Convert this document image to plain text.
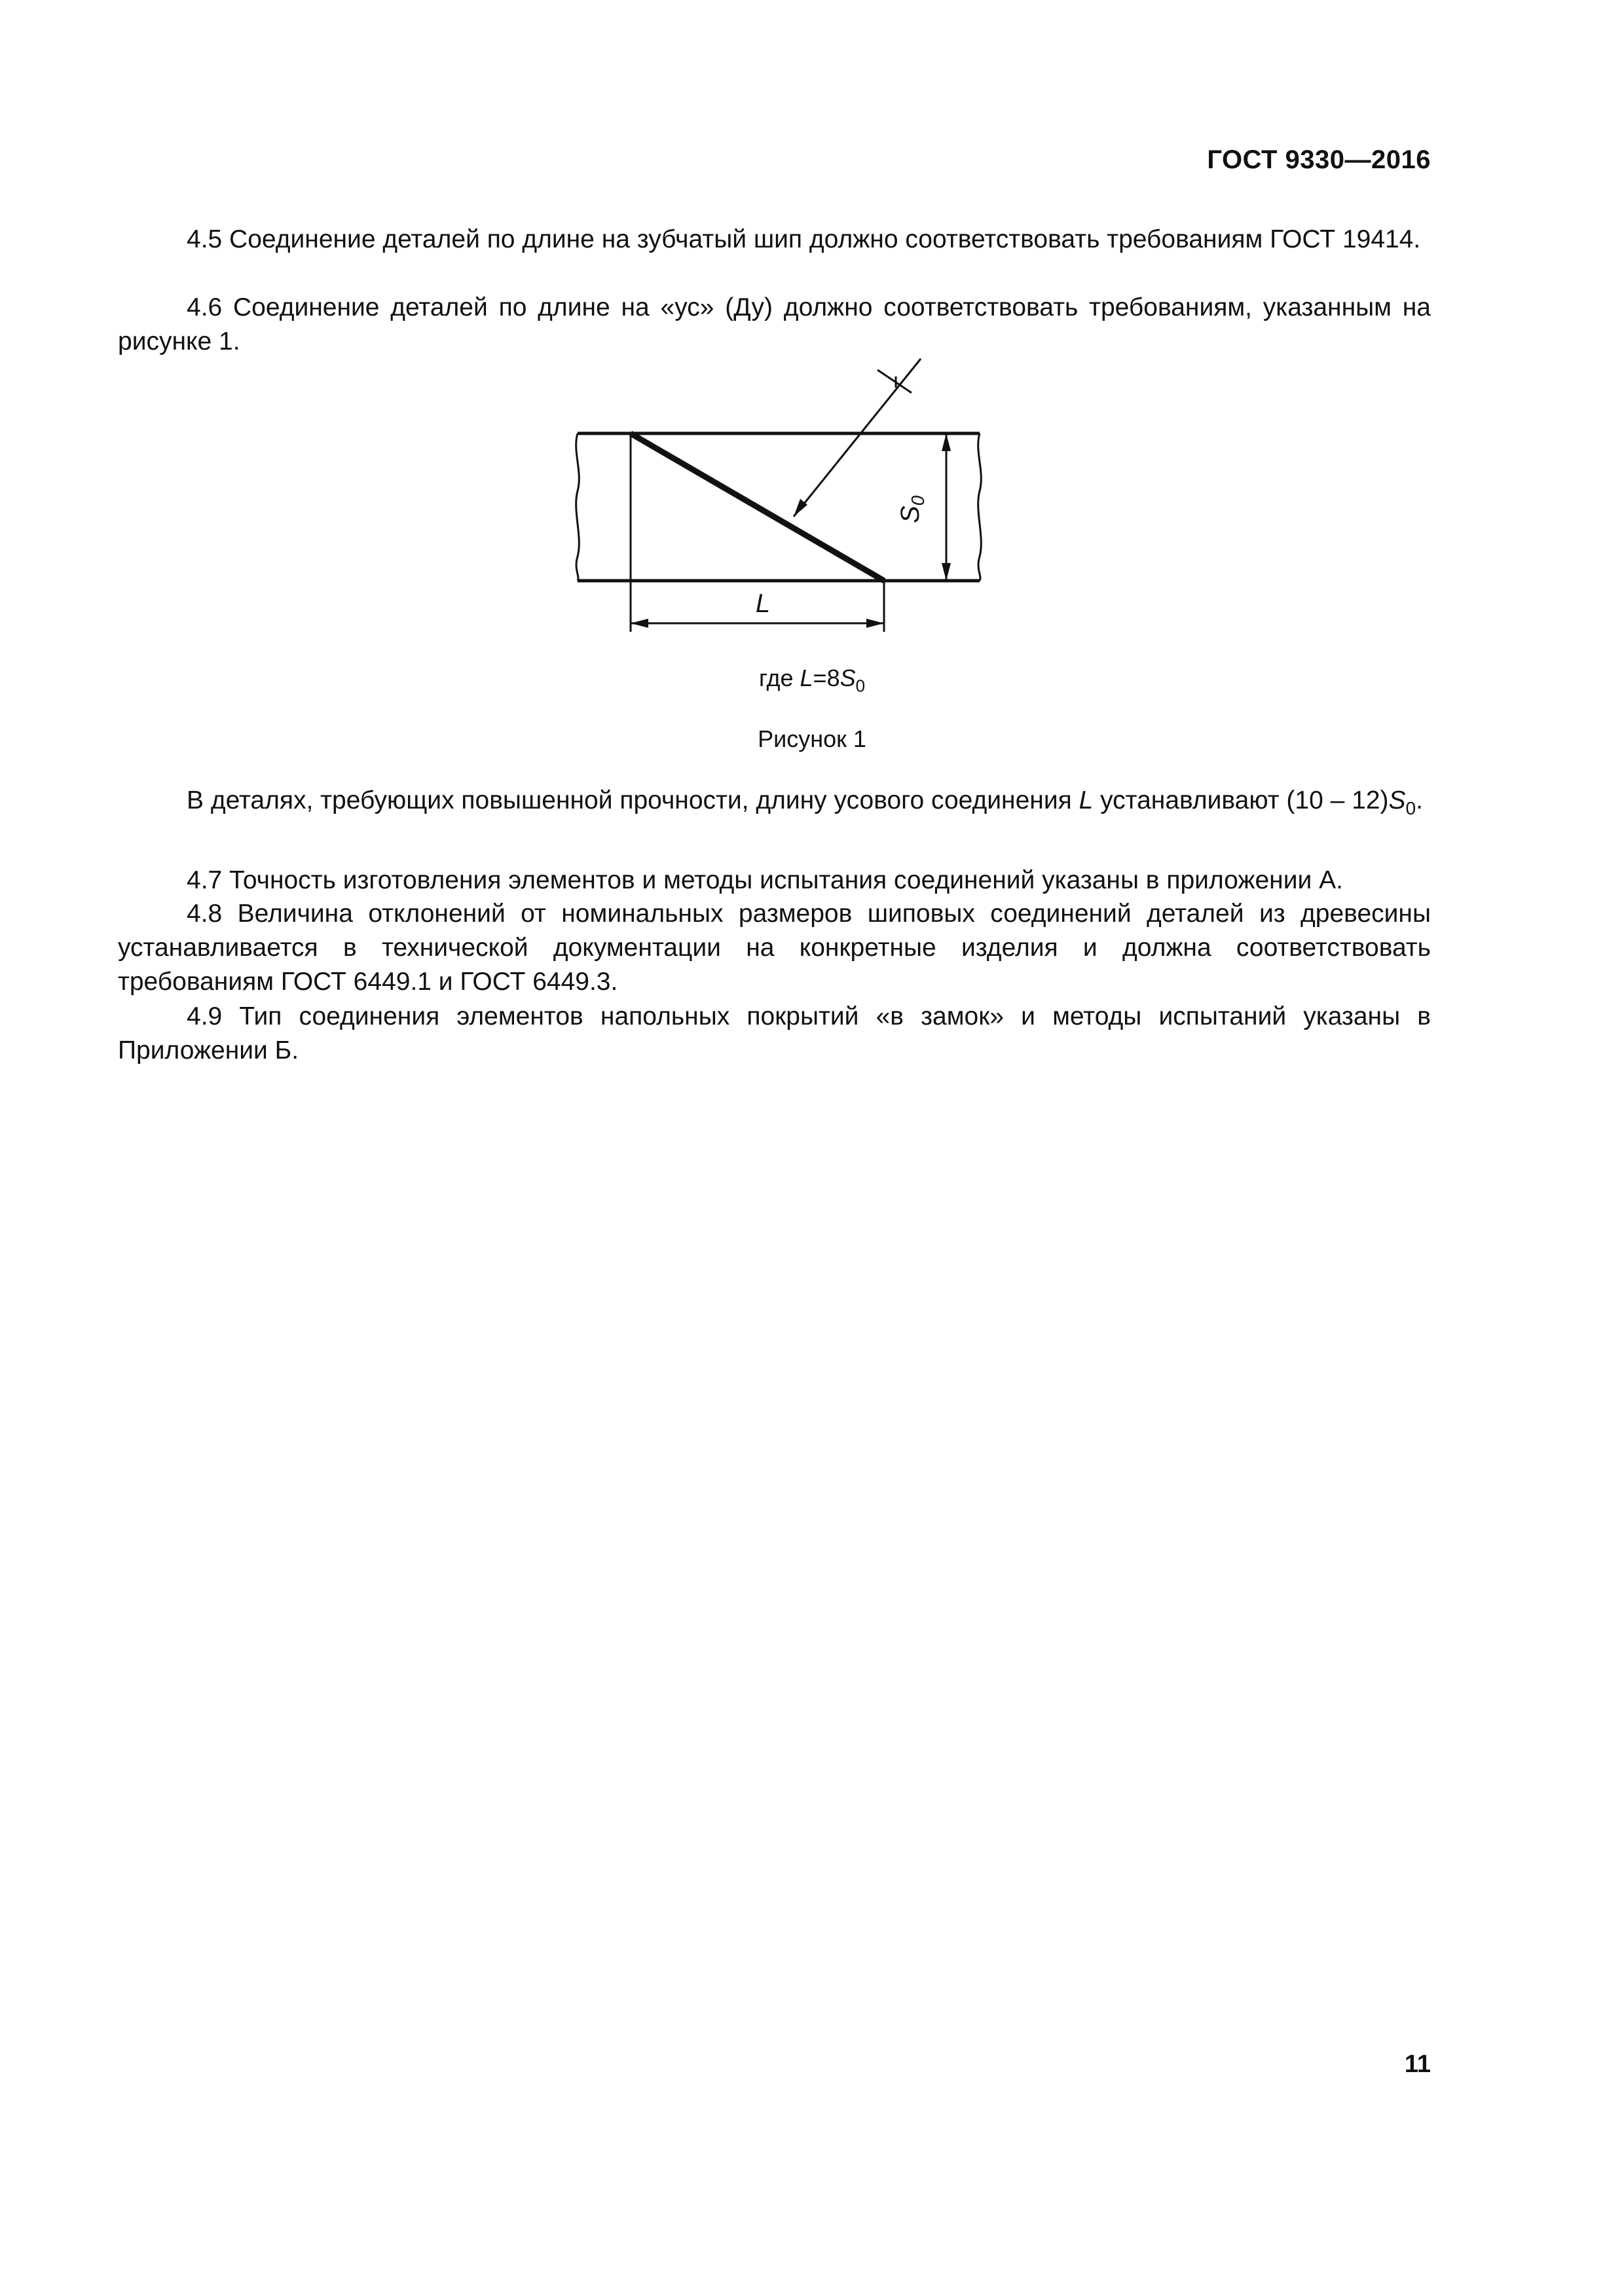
ГОСТ 9330—2016
4.5 Соединение деталей по длине на зубчатый шип должно соответствовать требованиям ГОСТ 19414.
4.6 Соединение деталей по длине на «ус» (Ду) должно соответствовать требованиям, указанным на рисунке 1.
L
$S_0$
где $L=8S_0$
Рисунок 1
В деталях, требующих повышенной прочности, длину усового соединения L устанавливают $(10 - 12)S_0$.
4.7 Точность изготовления элементов и методы испытания соединений указаны в приложении А.
4.8 Величина отклонений от номинальных размеров шиповых соединений деталей из древесины устанавливается в технической документации на конкретные изделия и должна соответствовать требованиям ГОСТ 6449.1 и ГОСТ 6449.3.
4.9 Тип соединения элементов напольных покрытий «в замок» и методы испытаний указаны в Приложении Б.
11
